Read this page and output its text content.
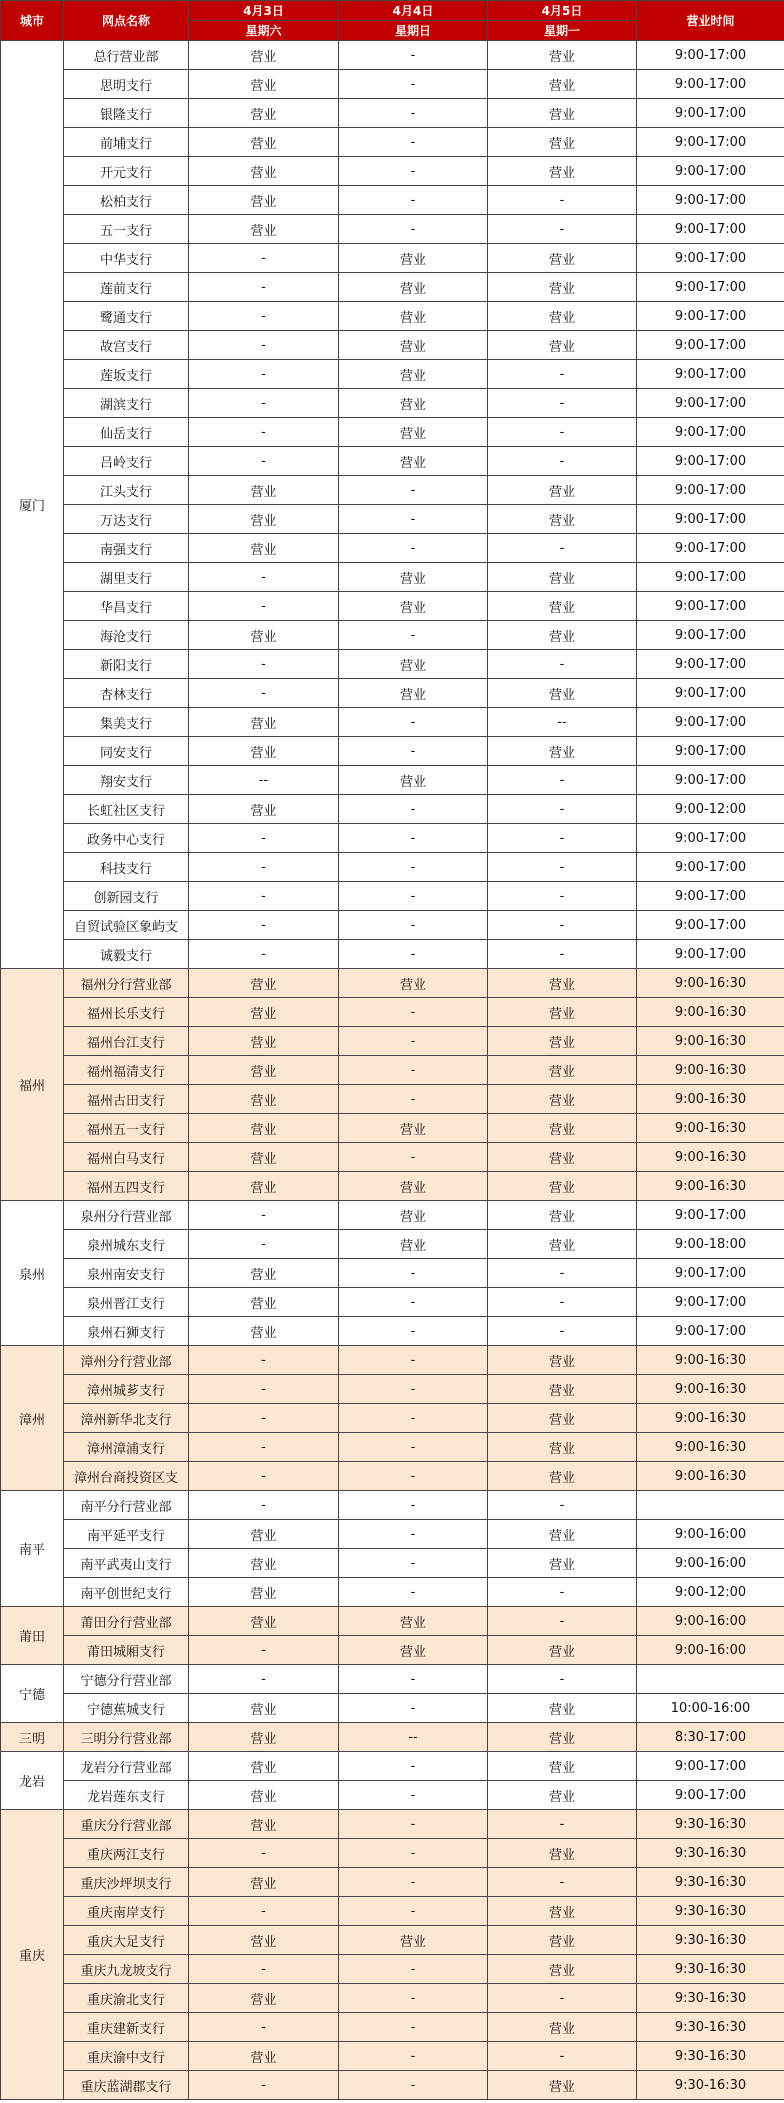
城市	网点名称	4月3日	4月4日	4月5日	营业时间
		星期六	星期日	星期一	
厦门	总行营业部	营业	-	营业	9:00-17:00
	思明支行	营业	-	营业	9:00-17:00
	银隆支行	营业	-	营业	9:00-17:00
	前埔支行	营业	-	营业	9:00-17:00
	开元支行	营业	-	营业	9:00-17:00
	松柏支行	营业	-	-	9:00-17:00
	五一支行	营业	-	-	9:00-17:00
	中华支行	-	营业	营业	9:00-17:00
	莲前支行	-	营业	营业	9:00-17:00
	鹭通支行	-	营业	营业	9:00-17:00
	故宫支行	-	营业	营业	9:00-17:00
	莲坂支行	-	营业	-	9:00-17:00
	湖滨支行	-	营业	-	9:00-17:00
	仙岳支行	-	营业	-	9:00-17:00
	吕岭支行	-	营业	-	9:00-17:00
	江头支行	营业	-	营业	9:00-17:00
	万达支行	营业	-	营业	9:00-17:00
	南强支行	营业	-	-	9:00-17:00
	湖里支行	-	营业	营业	9:00-17:00
	华昌支行	-	营业	营业	9:00-17:00
	海沧支行	营业	-	营业	9:00-17:00
	新阳支行	-	营业	-	9:00-17:00
	杏林支行	-	营业	营业	9:00-17:00
	集美支行	营业	-	--	9:00-17:00
	同安支行	营业	-	营业	9:00-17:00
	翔安支行	--	营业	-	9:00-17:00
	长虹社区支行	营业	-	-	9:00-12:00
	政务中心支行	-	-	-	9:00-17:00
	科技支行	-	-	-	9:00-17:00
	创新园支行	-	-	-	9:00-17:00
	自贸试验区象屿支	-	-	-	9:00-17:00
	诚毅支行	-	-	-	9:00-17:00
福州	福州分行营业部	营业	营业	营业	9:00-16:30
	福州长乐支行	营业	-	营业	9:00-16:30
	福州台江支行	营业	-	营业	9:00-16:30
	福州福清支行	营业	-	营业	9:00-16:30
	福州古田支行	营业	-	营业	9:00-16:30
	福州五一支行	营业	营业	营业	9:00-16:30
	福州白马支行	营业	-	营业	9:00-16:30
	福州五四支行	营业	营业	营业	9:00-16:30
泉州	泉州分行营业部	-	营业	营业	9:00-17:00
	泉州城东支行	-	营业	营业	9:00-18:00
	泉州南安支行	营业	-	-	9:00-17:00
	泉州晋江支行	营业	-	-	9:00-17:00
	泉州石狮支行	营业	-	-	9:00-17:00
漳州	漳州分行营业部	-	-	营业	9:00-16:30
	漳州城芗支行	-	-	营业	9:00-16:30
	漳州新华北支行	-	-	营业	9:00-16:30
	漳州漳浦支行	-	-	营业	9:00-16:30
	漳州台商投资区支	-	-	营业	9:00-16:30
南平	南平分行营业部	-	-	-	
	南平延平支行	营业	-	营业	9:00-16:00
	南平武夷山支行	营业	-	营业	9:00-16:00
	南平创世纪支行	营业	-	-	9:00-12:00
莆田	莆田分行营业部	营业	营业	-	9:00-16:00
	莆田城厢支行	-	营业	营业	9:00-16:00
宁德	宁德分行营业部	-	-	-	
	宁德蕉城支行	营业	-	营业	10:00-16:00
三明	三明分行营业部	营业	--	营业	8:30-17:00
龙岩	龙岩分行营业部	营业	-	营业	9:00-17:00
	龙岩莲东支行	营业	-	营业	9:00-17:00
重庆	重庆分行营业部	营业	-	-	9:30-16:30
	重庆两江支行	-	-	营业	9:30-16:30
	重庆沙坪坝支行	营业	-	-	9:30-16:30
	重庆南岸支行	-	-	营业	9:30-16:30
	重庆大足支行	营业	营业	营业	9:30-16:30
	重庆九龙坡支行	-	-	营业	9:30-16:30
	重庆渝北支行	营业	-	-	9:30-16:30
	重庆建新支行	-	-	营业	9:30-16:30
	重庆渝中支行	营业	-	-	9:30-16:30
	重庆蓝湖郡支行	-	-	营业	9:30-16:30
